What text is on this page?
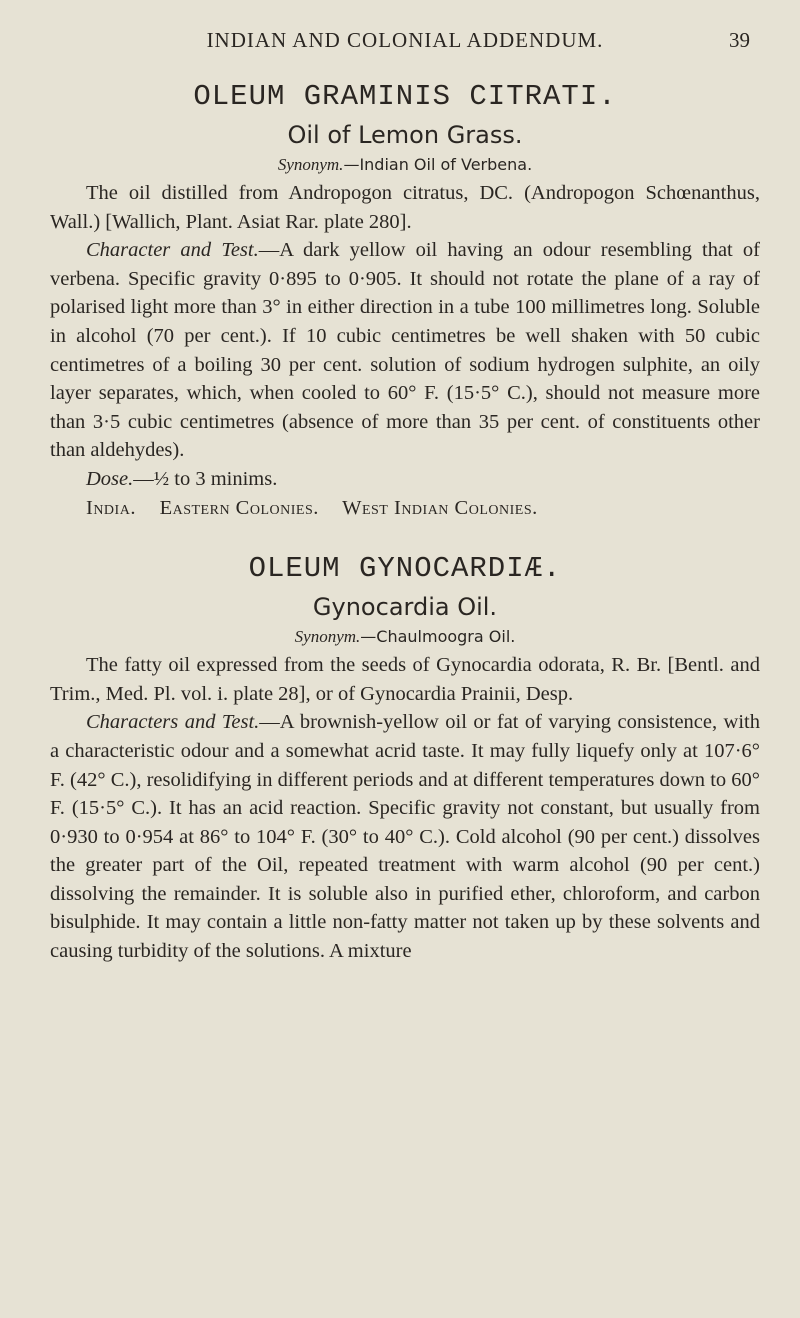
INDIAN AND COLONIAL ADDENDUM.	39
OLEUM GRAMINIS CITRATI.
Oil of Lemon Grass.
Synonym.—Indian Oil of Verbena.

The oil distilled from Andropogon citratus, DC. (Andropogon Schœnanthus, Wall.) [Wallich, Plant. Asiat Rar. plate 280].

Character and Test.—A dark yellow oil having an odour resembling that of verbena. Specific gravity 0·895 to 0·905. It should not rotate the plane of a ray of polarised light more than 3° in either direction in a tube 100 millimetres long. Soluble in alcohol (70 per cent.). If 10 cubic centimetres be well shaken with 50 cubic centimetres of a boiling 30 per cent. solution of sodium hydrogen sulphite, an oily layer separates, which, when cooled to 60° F. (15·5° C.), should not measure more than 3·5 cubic centimetres (absence of more than 35 per cent. of constituents other than aldehydes).

Dose.—½ to 3 minims.

India. Eastern Colonies. West Indian Colonies.

OLEUM GYNOCARDIÆ.
Gynocardia Oil.
Synonym.—Chaulmoogra Oil.

The fatty oil expressed from the seeds of Gynocardia odorata, R. Br. [Bentl. and Trim., Med. Pl. vol. i. plate 28], or of Gynocardia Prainii, Desp.

Characters and Test.—A brownish-yellow oil or fat of varying consistence, with a characteristic odour and a somewhat acrid taste. It may fully liquefy only at 107·6° F. (42° C.), resolidifying in different periods and at different temperatures down to 60° F. (15·5° C.). It has an acid reaction. Specific gravity not constant, but usually from 0·930 to 0·954 at 86° to 104° F. (30° to 40° C.). Cold alcohol (90 per cent.) dissolves the greater part of the Oil, repeated treatment with warm alcohol (90 per cent.) dissolving the remainder. It is soluble also in purified ether, chloroform, and carbon bisulphide. It may contain a little non-fatty matter not taken up by these solvents and causing turbidity of the solutions. A mixture
